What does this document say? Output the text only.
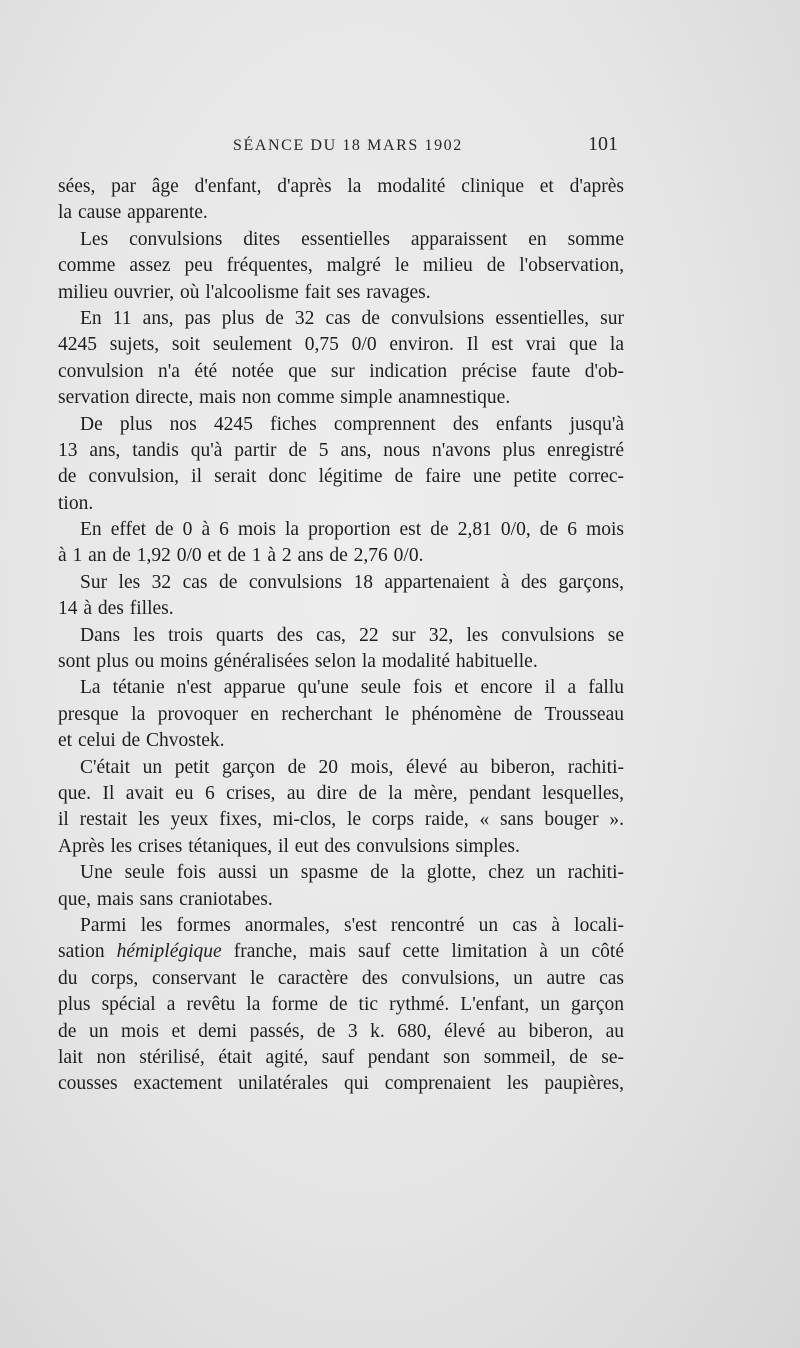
SÉANCE DU 18 MARS 1902	101
sées, par âge d'enfant, d'après la modalité clinique et d'après
la cause apparente.
Les convulsions dites essentielles apparaissent en somme
comme assez peu fréquentes, malgré le milieu de l'observation,
milieu ouvrier, où l'alcoolisme fait ses ravages.
En 11 ans, pas plus de 32 cas de convulsions essentielles, sur
4245 sujets, soit seulement 0,75 0/0 environ. Il est vrai que la
convulsion n'a été notée que sur indication précise faute d'ob-
servation directe, mais non comme simple anamnestique.
De plus nos 4245 fiches comprennent des enfants jusqu'à
13 ans, tandis qu'à partir de 5 ans, nous n'avons plus enregistré
de convulsion, il serait donc légitime de faire une petite correc-
tion.
En effet de 0 à 6 mois la proportion est de 2,81 0/0, de 6 mois
à 1 an de 1,92 0/0 et de 1 à 2 ans de 2,76 0/0.
Sur les 32 cas de convulsions 18 appartenaient à des garçons,
14 à des filles.
Dans les trois quarts des cas, 22 sur 32, les convulsions se
sont plus ou moins généralisées selon la modalité habituelle.
La tétanie n'est apparue qu'une seule fois et encore il a fallu
presque la provoquer en recherchant le phénomène de Trousseau
et celui de Chvostek.
C'était un petit garçon de 20 mois, élevé au biberon, rachiti-
que. Il avait eu 6 crises, au dire de la mère, pendant lesquelles,
il restait les yeux fixes, mi-clos, le corps raide, « sans bouger ».
Après les crises tétaniques, il eut des convulsions simples.
Une seule fois aussi un spasme de la glotte, chez un rachiti-
que, mais sans craniotabes.
Parmi les formes anormales, s'est rencontré un cas à locali-
sation hémiplégique franche, mais sauf cette limitation à un côté
du corps, conservant le caractère des convulsions, un autre cas
plus spécial a revêtu la forme de tic rythmé. L'enfant, un garçon
de un mois et demi passés, de 3 k. 680, élevé au biberon, au
lait non stérilisé, était agité, sauf pendant son sommeil, de se-
cousses exactement unilatérales qui comprenaient les paupières,
